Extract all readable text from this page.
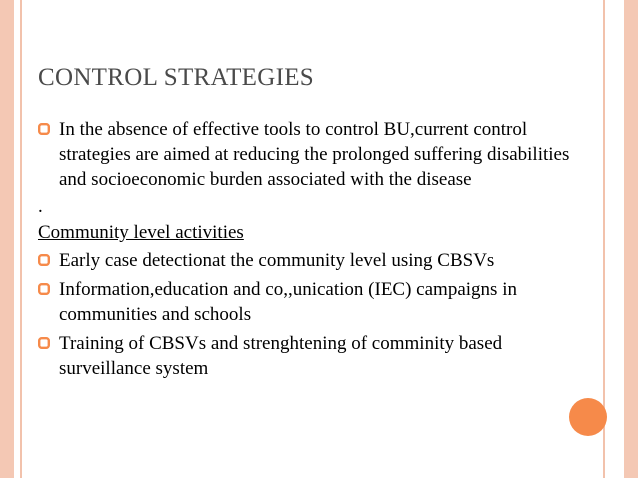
CONTROL STRATEGIES
In the absence of effective tools to control BU,current control strategies are aimed at reducing the prolonged suffering disabilities and socioeconomic burden associated with the disease
.
Community level activities
Early case detectionat the community level using CBSVs
Information,education and co,,unication (IEC) campaigns in communities and schools
Training of CBSVs and strenghtening of comminity based surveillance system
